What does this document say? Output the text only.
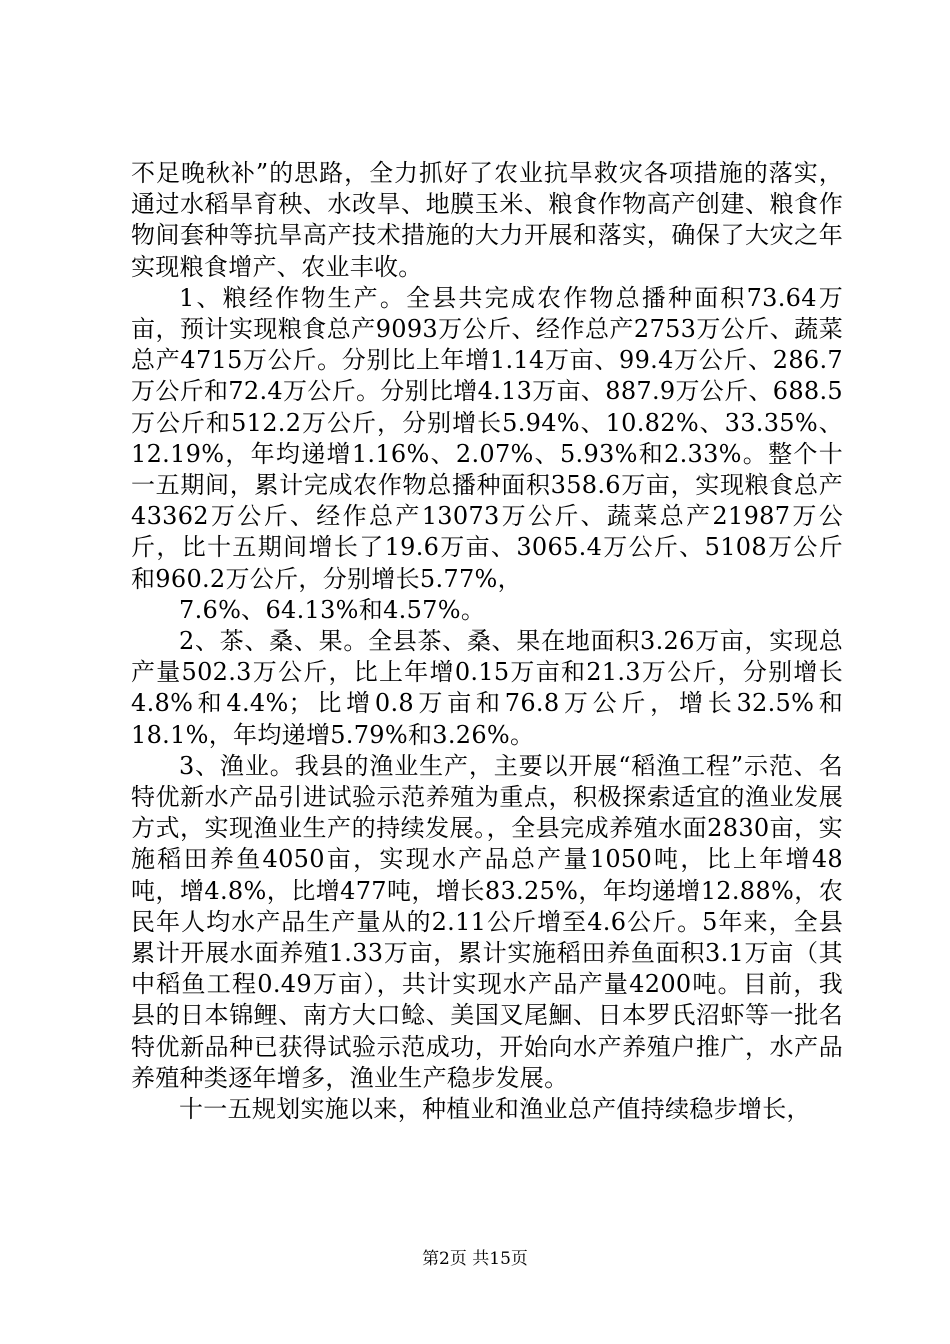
不足晚秋补”的思路，全力抓好了农业抗旱救灾各项措施的落实，通过水稻旱育秧、水改旱、地膜玉米、粮食作物高产创建、粮食作物间套种等抗旱高产技术措施的大力开展和落实，确保了大灾之年实现粮食增产、农业丰收。

1、粮经作物生产。全县共完成农作物总播种面积73.64万亩，预计实现粮食总产9093万公斤、经作总产2753万公斤、蔬菜总产4715万公斤。分别比上年增1.14万亩、99.4万公斤、286.7万公斤和72.4万公斤。分别比增4.13万亩、887.9万公斤、688.5万公斤和512.2万公斤，分别增长5.94%、10.82%、33.35%、12.19%，年均递增1.16%、2.07%、5.93%和2.33%。整个十一五期间，累计完成农作物总播种面积358.6万亩，实现粮食总产43362万公斤、经作总产13073万公斤、蔬菜总产21987万公斤，比十五期间增长了19.6万亩、3065.4万公斤、5108万公斤和960.2万公斤，分别增长5.77%，

7.6%、64.13%和4.57%。

2、茶、桑、果。全县茶、桑、果在地面积3.26万亩，实现总产量502.3万公斤，比上年增0.15万亩和21.3万公斤，分别增长4.8%和4.4%；比增0.8万亩和76.8万公斤，增长32.5%和18.1%，年均递增5.79%和3.26%。

3、渔业。我县的渔业生产，主要以开展“稻渔工程”示范、名特优新水产品引进试验示范养殖为重点，积极探索适宜的渔业发展方式，实现渔业生产的持续发展。，全县完成养殖水面2830亩，实施稻田养鱼4050亩，实现水产品总产量1050吨，比上年增48吨，增4.8%，比增477吨，增长83.25%，年均递增12.88%，农民年人均水产品生产量从的2.11公斤增至4.6公斤。5年来，全县累计开展水面养殖1.33万亩，累计实施稻田养鱼面积3.1万亩（其中稻鱼工程0.49万亩），共计实现水产品产量4200吨。目前，我县的日本锦鲤、南方大口鲶、美国叉尾鮰、日本罗氏沼虾等一批名特优新品种已获得试验示范成功，开始向水产养殖户推广，水产品养殖种类逐年增多，渔业生产稳步发展。

十一五规划实施以来，种植业和渔业总产值持续稳步增长，

第2页 共15页
